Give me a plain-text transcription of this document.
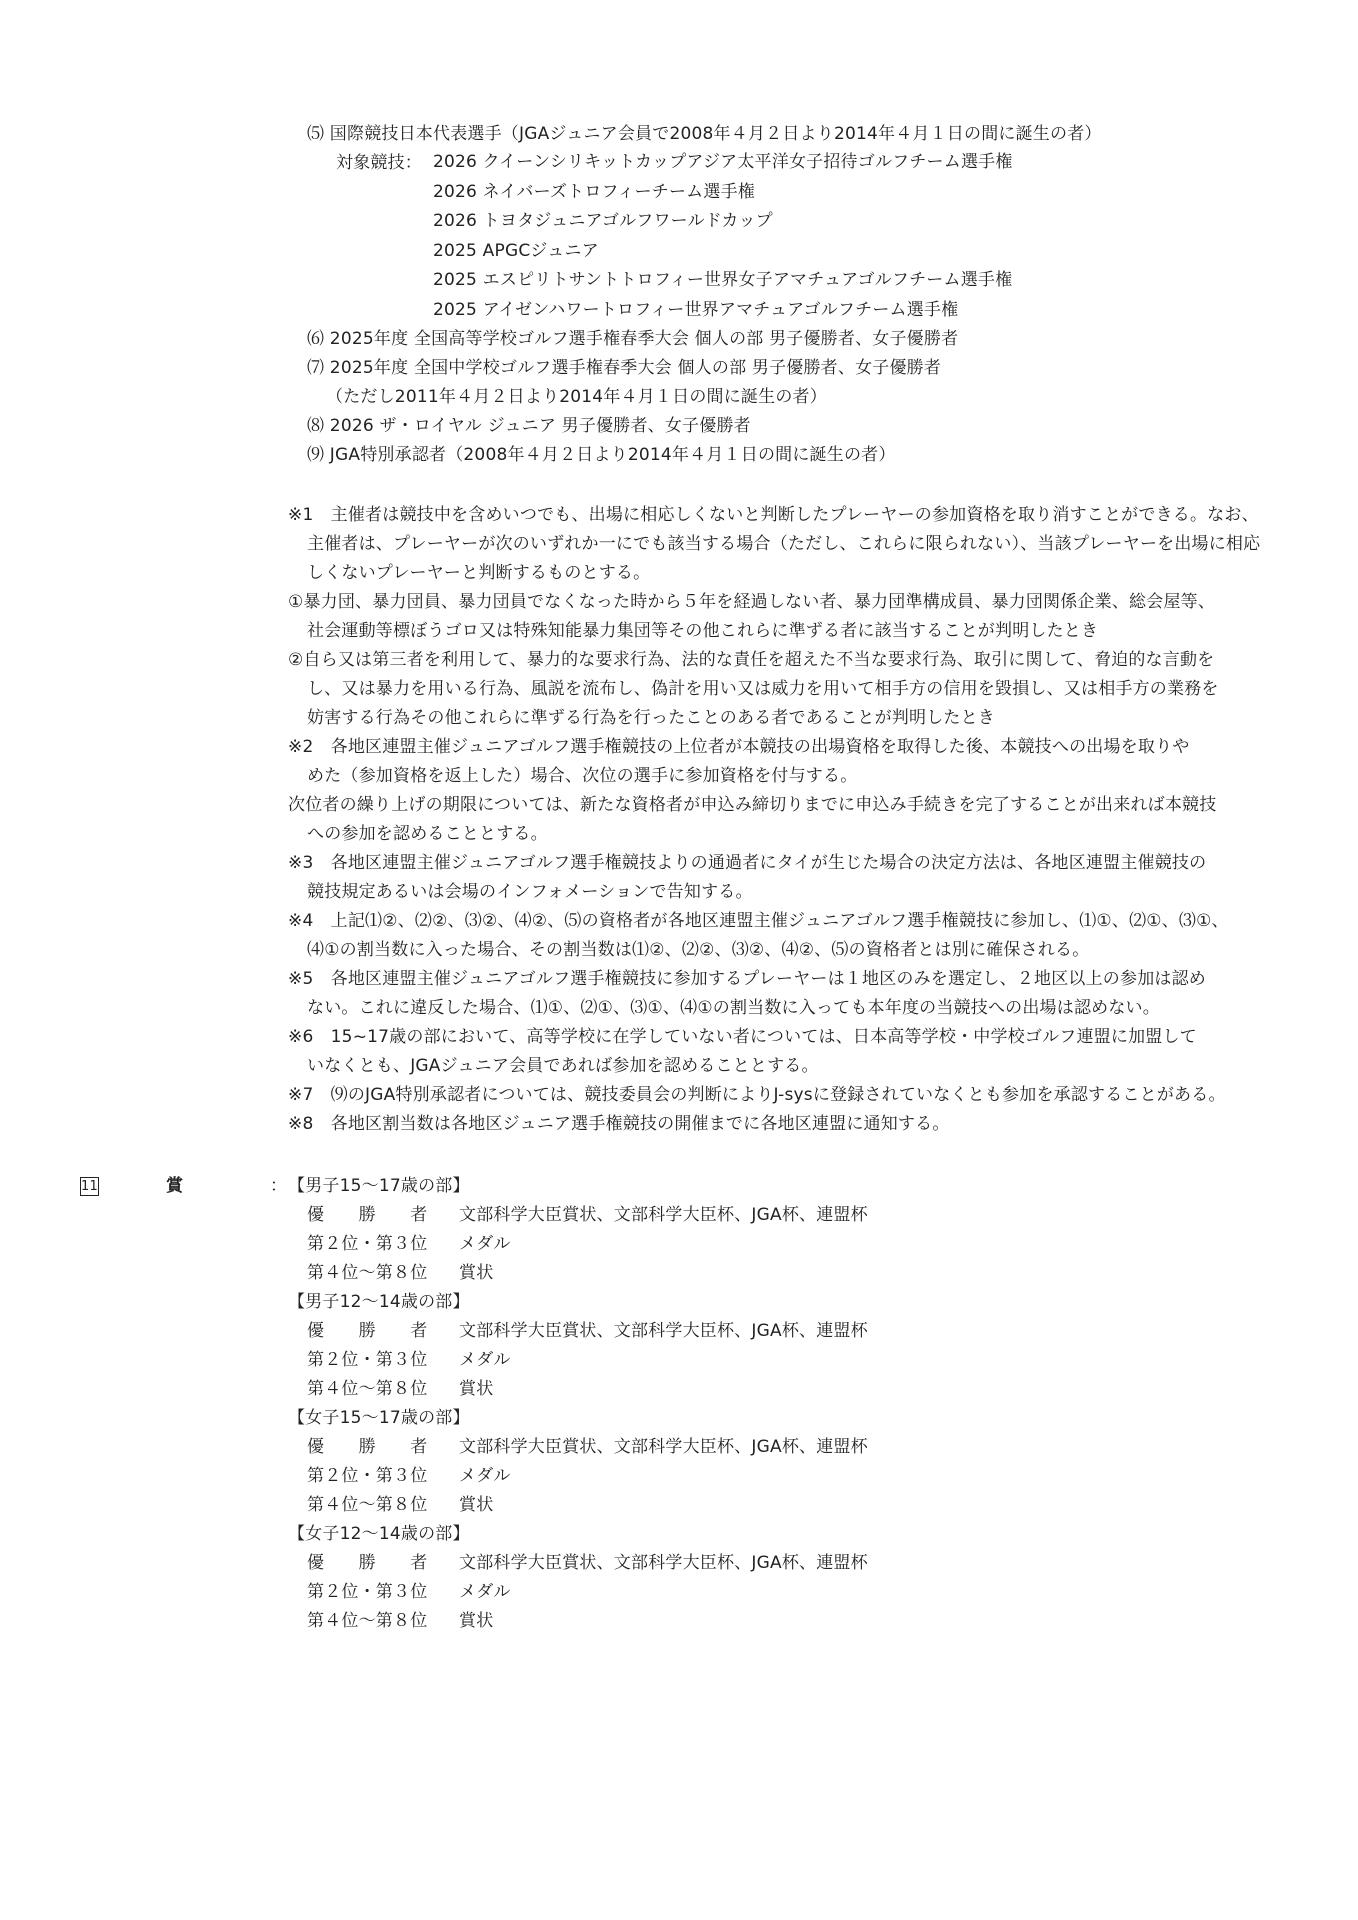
⑸ 国際競技日本代表選手（JGAジュニア会員で2008年４月２日より2014年４月１日の間に誕生の者）
対象競技： 2026 クイーンシリキットカップアジア太平洋女子招待ゴルフチーム選手権
2026 ネイバーズトロフィーチーム選手権
2026 トヨタジュニアゴルフワールドカップ
2025 APGCジュニア
2025 エスピリトサントトロフィー世界女子アマチュアゴルフチーム選手権
2025 アイゼンハワートロフィー世界アマチュアゴルフチーム選手権
⑹ 2025年度 全国高等学校ゴルフ選手権春季大会 個人の部 男子優勝者、女子優勝者
⑺ 2025年度 全国中学校ゴルフ選手権春季大会 個人の部 男子優勝者、女子優勝者
（ただし2011年４月２日より2014年４月１日の間に誕生の者）
⑻ 2026 ザ・ロイヤル ジュニア 男子優勝者、女子優勝者
⑼ JGA特別承認者（2008年４月２日より2014年４月１日の間に誕生の者）
※1　主催者は競技中を含めいつでも、出場に相応しくないと判断したプレーヤーの参加資格を取り消すことができる。なお、
主催者は、プレーヤーが次のいずれか一にでも該当する場合（ただし、これらに限られない）、当該プレーヤーを出場に相応
しくないプレーヤーと判断するものとする。
①暴力団、暴力団員、暴力団員でなくなった時から５年を経過しない者、暴力団準構成員、暴力団関係企業、総会屋等、
社会運動等標ぼうゴロ又は特殊知能暴力集団等その他これらに準ずる者に該当することが判明したとき
②自ら又は第三者を利用して、暴力的な要求行為、法的な責任を超えた不当な要求行為、取引に関して、脅迫的な言動を
し、又は暴力を用いる行為、風説を流布し、偽計を用い又は威力を用いて相手方の信用を毀損し、又は相手方の業務を
妨害する行為その他これらに準ずる行為を行ったことのある者であることが判明したとき
※2　各地区連盟主催ジュニアゴルフ選手権競技の上位者が本競技の出場資格を取得した後、本競技への出場を取りや
めた（参加資格を返上した）場合、次位の選手に参加資格を付与する。
次位者の繰り上げの期限については、新たな資格者が申込み締切りまでに申込み手続きを完了することが出来れば本競技
への参加を認めることとする。
※3　各地区連盟主催ジュニアゴルフ選手権競技よりの通過者にタイが生じた場合の決定方法は、各地区連盟主催競技の
競技規定あるいは会場のインフォメーションで告知する。
※4　上記⑴②、⑵②、⑶②、⑷②、⑸の資格者が各地区連盟主催ジュニアゴルフ選手権競技に参加し、⑴①、⑵①、⑶①、
⑷①の割当数に入った場合、その割当数は⑴②、⑵②、⑶②、⑷②、⑸の資格者とは別に確保される。
※5　各地区連盟主催ジュニアゴルフ選手権競技に参加するプレーヤーは１地区のみを選定し、２地区以上の参加は認め
ない。これに違反した場合、⑴①、⑵①、⑶①、⑷①の割当数に入っても本年度の当競技への出場は認めない。
※6　15~17歳の部において、高等学校に在学していない者については、日本高等学校・中学校ゴルフ連盟に加盟して
いなくとも、JGAジュニア会員であれば参加を認めることとする。
※7　⑼のJGA特別承認者については、競技委員会の判断によりJ-sysに登録されていなくとも参加を承認することがある。
※8　各地区割当数は各地区ジュニア選手権競技の開催までに各地区連盟に通知する。
11	賞	： 【男子15〜17歳の部】
優　　勝　　者 文部科学大臣賞状、文部科学大臣杯、JGA杯、連盟杯
第２位・第３位 メダル
第４位〜第８位 賞状
【男子12〜14歳の部】
優　　勝　　者 文部科学大臣賞状、文部科学大臣杯、JGA杯、連盟杯
第２位・第３位 メダル
第４位〜第８位 賞状
【女子15〜17歳の部】
優　　勝　　者 文部科学大臣賞状、文部科学大臣杯、JGA杯、連盟杯
第２位・第３位 メダル
第４位〜第８位 賞状
【女子12〜14歳の部】
優　　勝　　者 文部科学大臣賞状、文部科学大臣杯、JGA杯、連盟杯
第２位・第３位 メダル
第４位〜第８位 賞状
